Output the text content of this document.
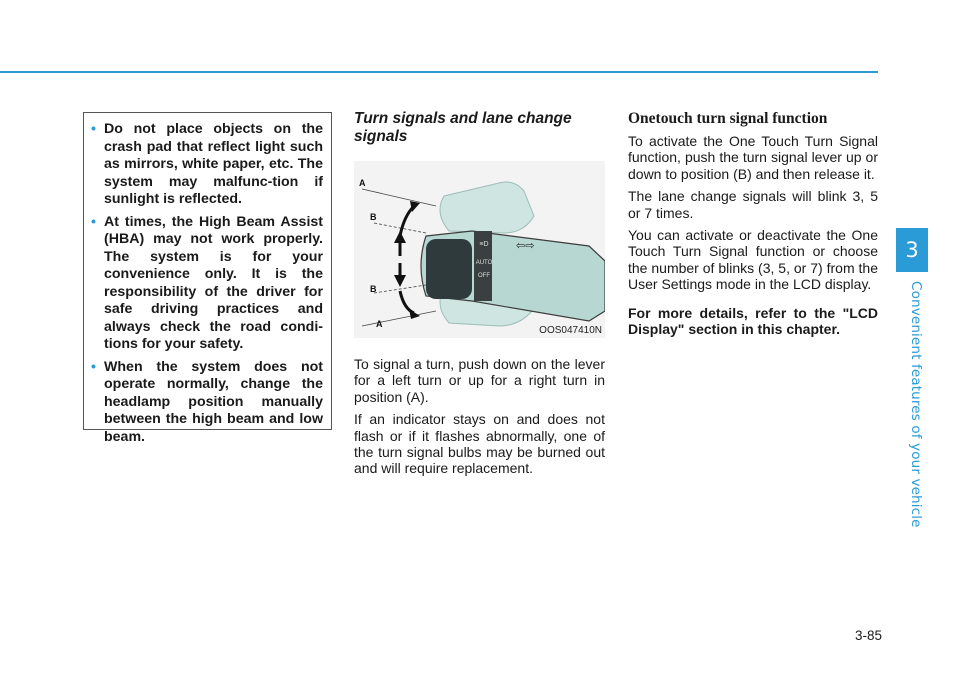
3
Convenient features of your vehicle
• Do not place objects on the crash pad that reflect light such as mirrors, white paper, etc. The system may malfunc-tion if sunlight is reflected.
• At times, the High Beam Assist (HBA) may not work properly. The system is for your convenience only. It is the responsibility of the driver for safe driving practices and always check the road condi-tions for your safety.
• When the system does not operate normally, change the headlamp position manually between the high beam and low beam.
Turn signals and lane change signals
≡D
AUTO
OFF
⇦⇨
A
B
B
A
OOS047410N

To signal a turn, push down on the lever for a left turn or up for a right turn in position (A).

If an indicator stays on and does not flash or if it flashes abnormally, one of the turn signal bulbs may be burned out and will require replacement.

Onetouch turn signal function

To activate the One Touch Turn Signal function, push the turn signal lever up or down to position (B) and then release it.

The lane change signals will blink 3, 5 or 7 times.

You can activate or deactivate the One Touch Turn Signal function or choose the number of blinks (3, 5, or 7) from the User Settings mode in the LCD display.

For more details, refer to the "LCD Display" section in this chapter.

3-85
